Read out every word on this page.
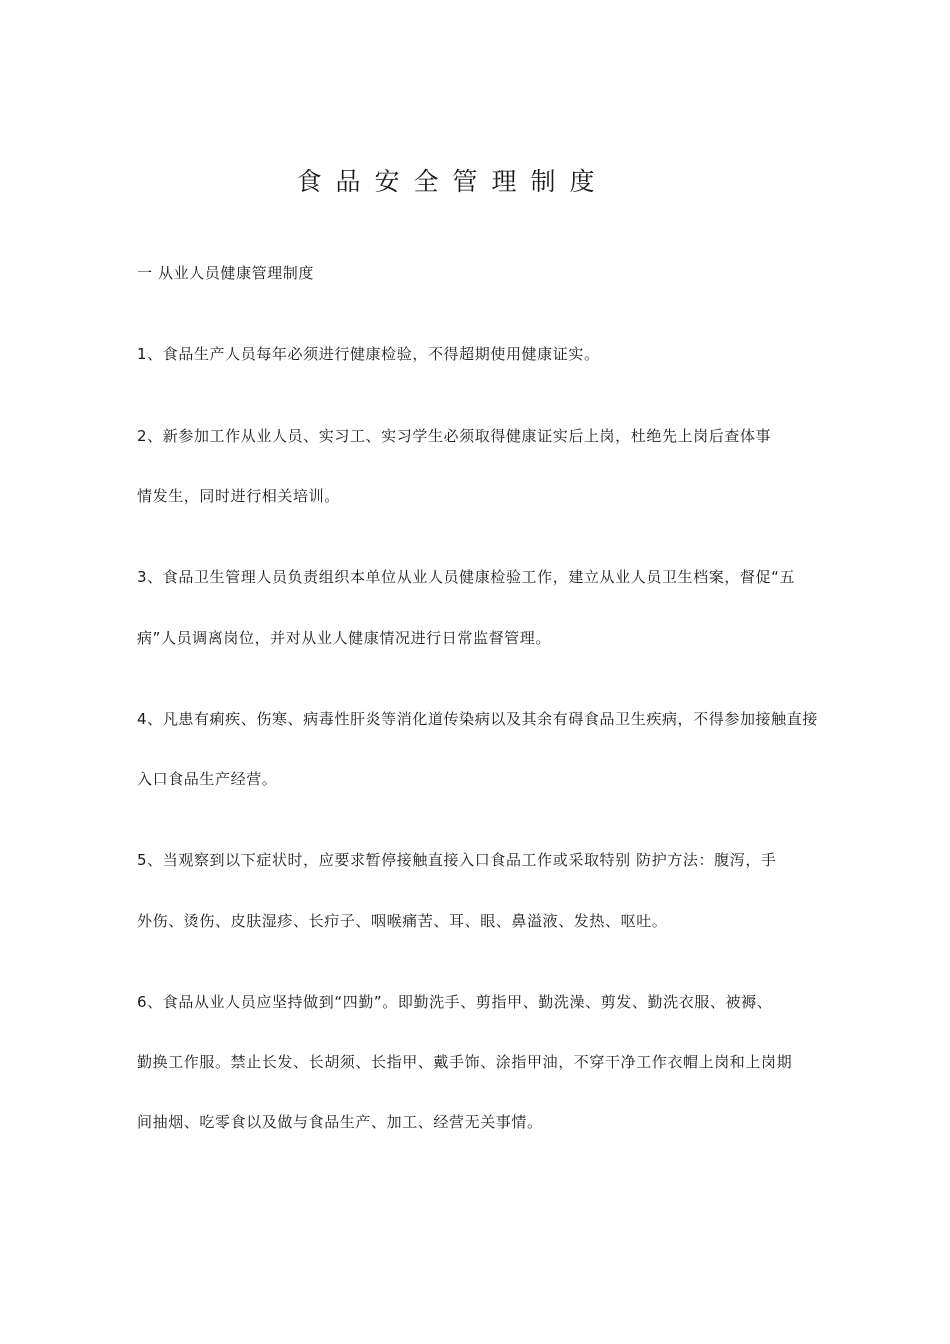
食品安全管理制度
一 从业人员健康管理制度
1、食品生产人员每年必须进行健康检验，不得超期使用健康证实。
2、新参加工作从业人员、实习工、实习学生必须取得健康证实后上岗，杜绝先上岗后查体事
情发生，同时进行相关培训。
3、食品卫生管理人员负责组织本单位从业人员健康检验工作，建立从业人员卫生档案，督促“五
病”人员调离岗位，并对从业人健康情况进行日常监督管理。
4、凡患有痢疾、伤寒、病毒性肝炎等消化道传染病以及其余有碍食品卫生疾病，不得参加接触直接
入口食品生产经营。
5、当观察到以下症状时，应要求暂停接触直接入口食品工作或采取特别 防护方法：腹泻，手
外伤、烫伤、皮肤湿疹、长疖子、咽喉痛苦、耳、眼、鼻溢液、发热、呕吐。
6、食品从业人员应坚持做到“四勤”。即勤洗手、剪指甲、勤洗澡、剪发、勤洗衣服、被褥、
勤换工作服。禁止长发、长胡须、长指甲、戴手饰、涂指甲油，不穿干净工作衣帽上岗和上岗期
间抽烟、吃零食以及做与食品生产、加工、经营无关事情。
